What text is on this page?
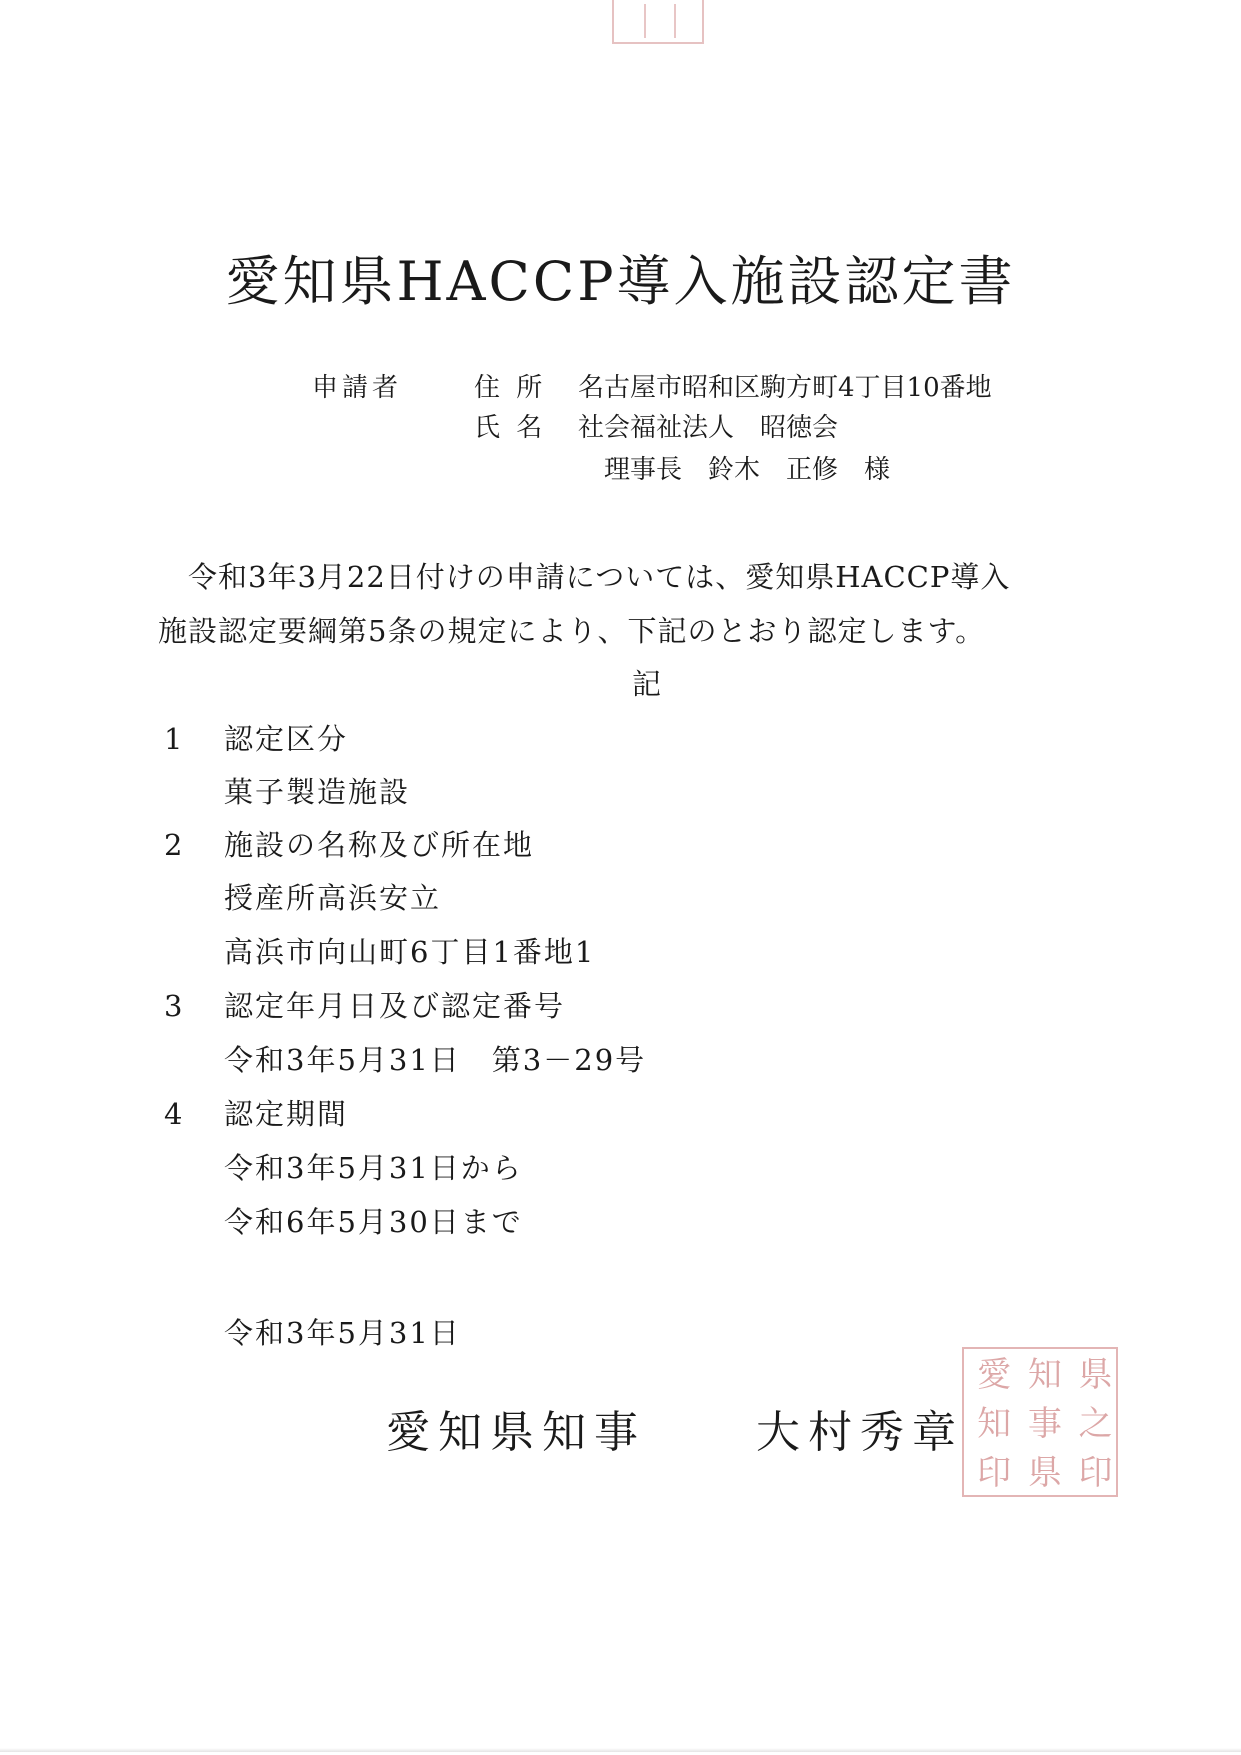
愛知県HACCP導入施設認定書
申請者	住 所 名古屋市昭和区駒方町4丁目10番地
氏 名 社会福祉法人　昭徳会
理事長　鈴木　正修　様
令和3年3月22日付けの申請については、愛知県HACCP導入
施設認定要綱第5条の規定により、下記のとおり認定します。
記
1 認定区分
菓子製造施設
2 施設の名称及び所在地
授産所高浜安立
高浜市向山町6丁目1番地1
3 認定年月日及び認定番号
令和3年5月31日　第3－29号
4 認定期間
令和3年5月31日から
令和6年5月30日まで
令和3年5月31日
愛知県知事	大村秀章
愛 知 県
知 事 之
印 県 印
